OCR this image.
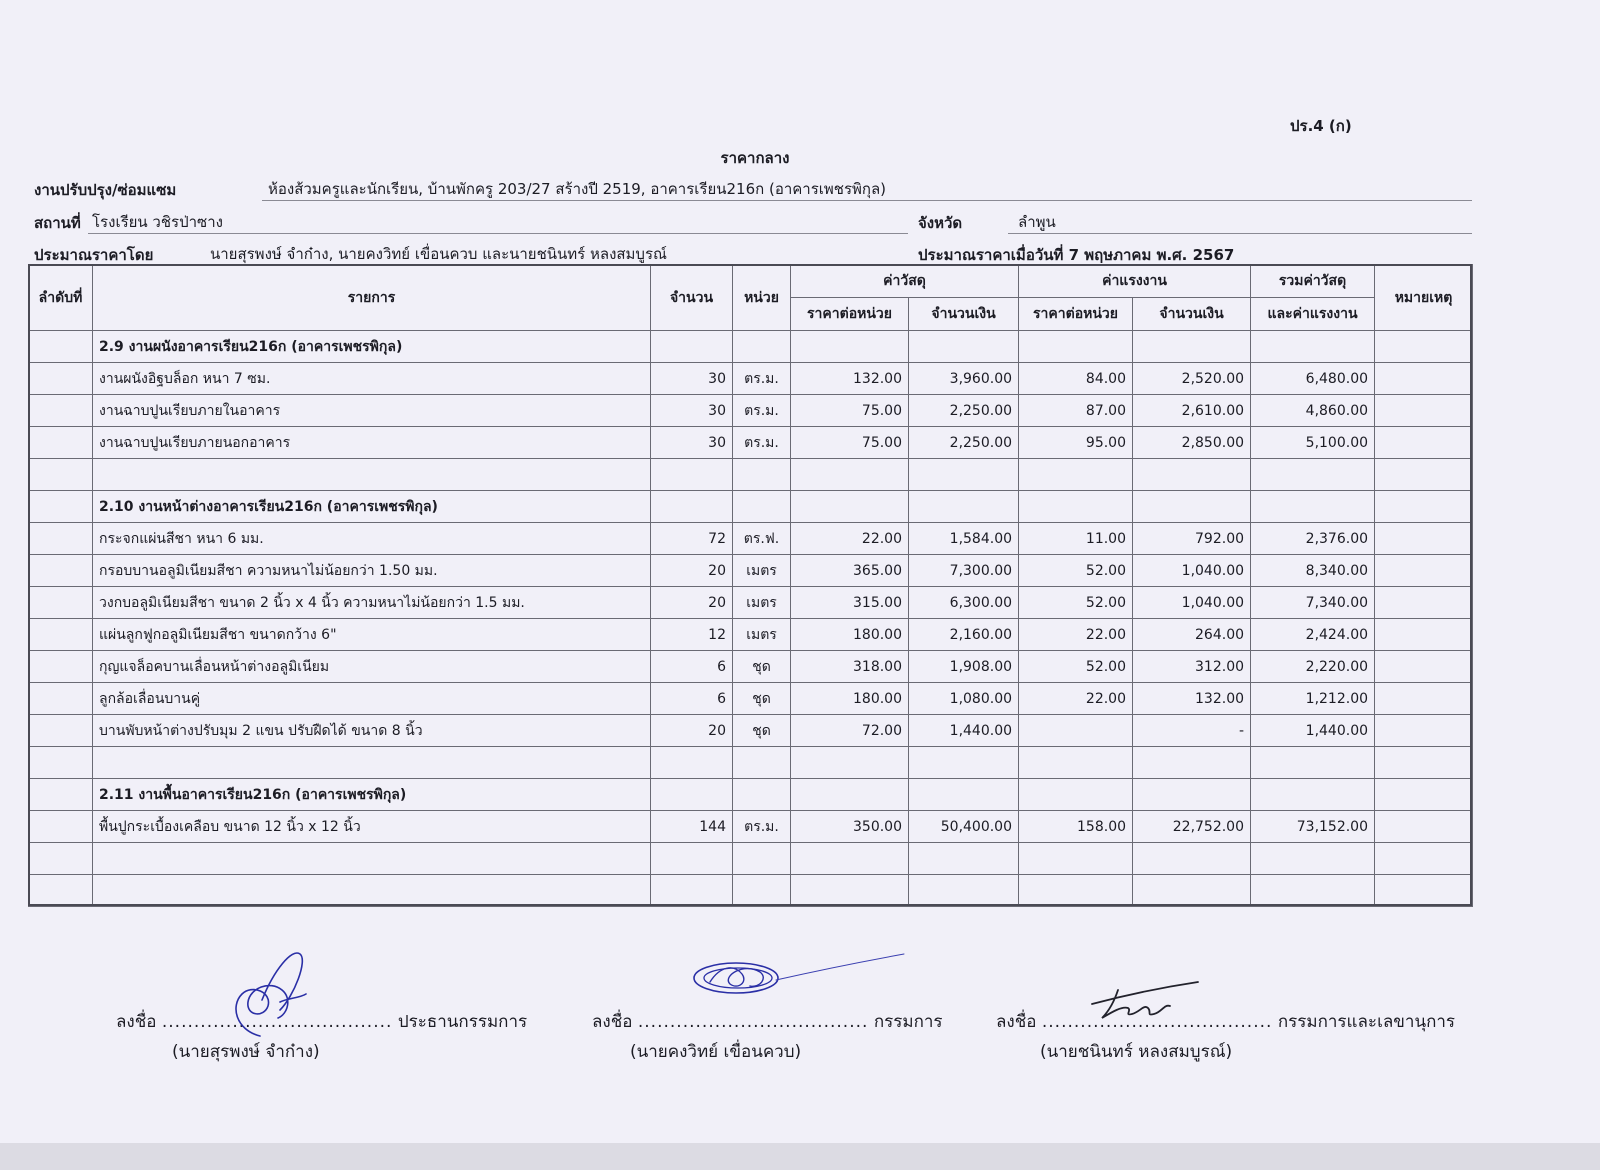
ปร.4 (ก)
ราคากลาง
งานปรับปรุง/ซ่อมแซม	ห้องส้วมครูและนักเรียน, บ้านพักครู 203/27 สร้างปี 2519, อาคารเรียน216ก (อาคารเพชรพิกุล)
สถานที่ โรงเรียน วชิรป่าซาง	จังหวัด	ลำพูน
ประมาณราคาโดย	นายสุรพงษ์ จำก๋าง, นายคงวิทย์ เขื่อนควบ และนายชนินทร์ หลงสมบูรณ์	ประมาณราคาเมื่อวันที่ 7 พฤษภาคม พ.ศ. 2567
ลำดับที่	รายการ	จำนวน	หน่วย	ค่าวัสดุ		ค่าแรงงาน		รวมค่าวัสดุ	หมายเหตุ
				ราคาต่อหน่วย	จำนวนเงิน	ราคาต่อหน่วย	จำนวนเงิน	และค่าแรงงาน	
	2.9 งานผนังอาคารเรียน216ก (อาคารเพชรพิกุล)								
	งานผนังอิฐบล็อก หนา 7 ซม.	30	ตร.ม.	132.00	3,960.00	84.00	2,520.00	6,480.00	
	งานฉาบปูนเรียบภายในอาคาร	30	ตร.ม.	75.00	2,250.00	87.00	2,610.00	4,860.00	
	งานฉาบปูนเรียบภายนอกอาคาร	30	ตร.ม.	75.00	2,250.00	95.00	2,850.00	5,100.00	

	2.10 งานหน้าต่างอาคารเรียน216ก (อาคารเพชรพิกุล)								
	กระจกแผ่นสีชา หนา 6 มม.	72	ตร.ฟ.	22.00	1,584.00	11.00	792.00	2,376.00	
	กรอบบานอลูมิเนียมสีชา ความหนาไม่น้อยกว่า 1.50 มม.	20	เมตร	365.00	7,300.00	52.00	1,040.00	8,340.00	
	วงกบอลูมิเนียมสีชา ขนาด 2 นิ้ว x 4 นิ้ว ความหนาไม่น้อยกว่า 1.5 มม.	20	เมตร	315.00	6,300.00	52.00	1,040.00	7,340.00	
	แผ่นลูกฟูกอลูมิเนียมสีชา ขนาดกว้าง 6"	12	เมตร	180.00	2,160.00	22.00	264.00	2,424.00	
	กุญแจล็อคบานเลื่อนหน้าต่างอลูมิเนียม	6	ชุด	318.00	1,908.00	52.00	312.00	2,220.00	
	ลูกล้อเลื่อนบานคู่	6	ชุด	180.00	1,080.00	22.00	132.00	1,212.00	
	บานพับหน้าต่างปรับมุม 2 แขน ปรับฝืดได้ ขนาด 8 นิ้ว	20	ชุด	72.00	1,440.00		-	1,440.00	

	2.11 งานพื้นอาคารเรียน216ก (อาคารเพชรพิกุล)								
	พื้นปูกระเบื้องเคลือบ ขนาด 12 นิ้ว x 12 นิ้ว	144	ตร.ม.	350.00	50,400.00	158.00	22,752.00	73,152.00	

ลงชื่อ .................................... ประธานกรรมการ
(นายสุรพงษ์ จำก๋าง)
ลงชื่อ .................................... กรรมการ
(นายคงวิทย์ เขื่อนควบ)
ลงชื่อ .................................... กรรมการและเลขานุการ
(นายชนินทร์ หลงสมบูรณ์)
